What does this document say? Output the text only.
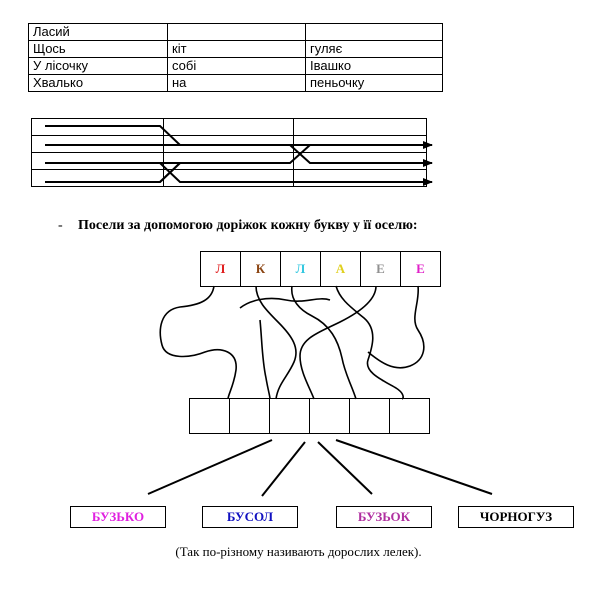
Ласий		
Щось	кіт	гуляє
У лісочку	собі	Івашко
Хвалько	на	пеньочку

- Посели за допомогою доріжок кожну букву у її оселю:
Л К Л А Е Е
БУЗЬКО	БУСОЛ	БУЗЬОК	ЧОРНОГУЗ
(Так по-різному називають дорослих лелек).
